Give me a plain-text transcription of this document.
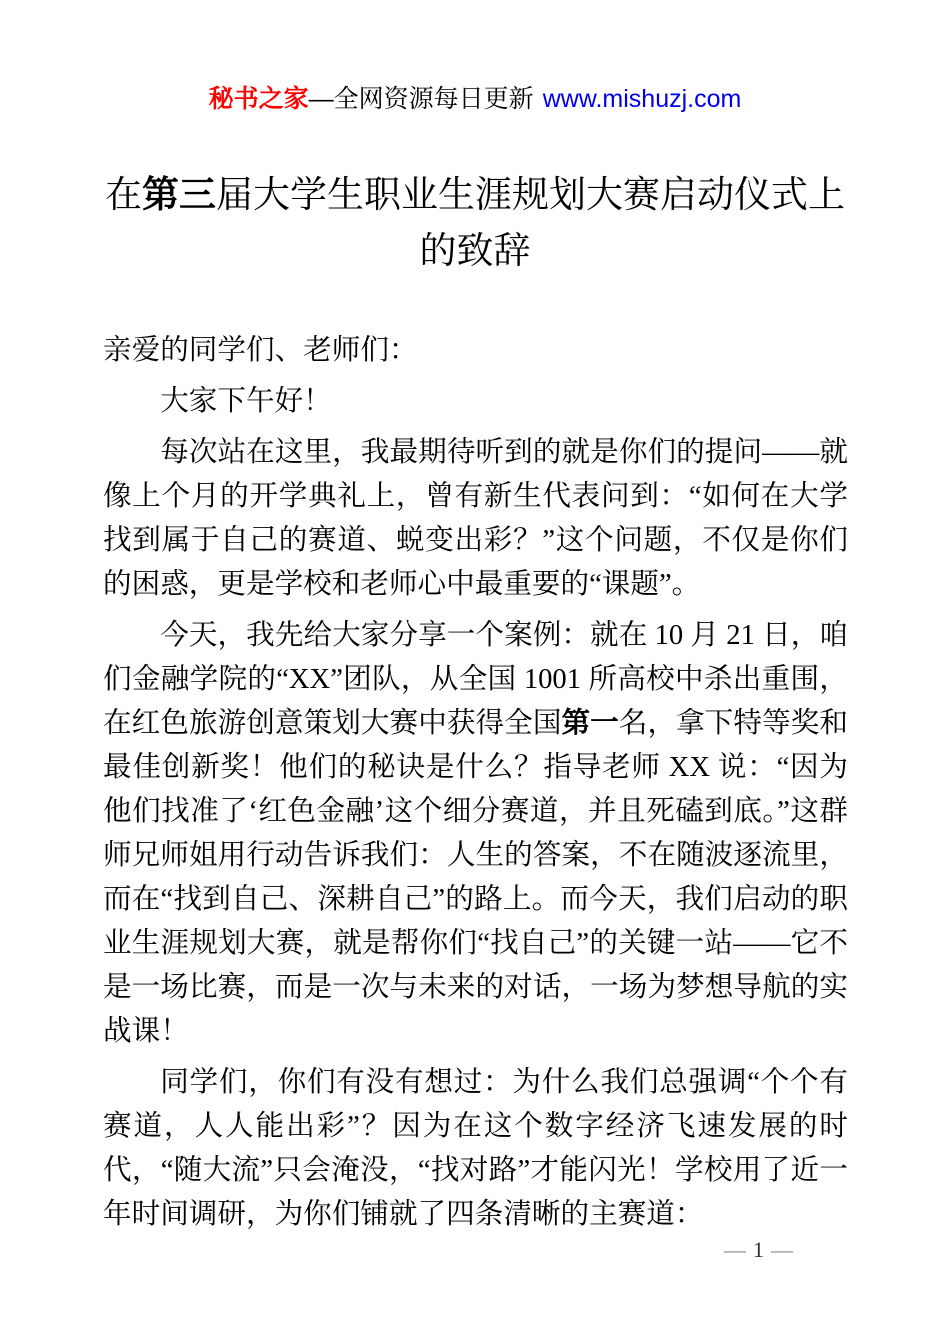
秘书之家—全网资源每日更新 www.mishuzj.com
在第三届大学生职业生涯规划大赛启动仪式上的致辞

亲爱的同学们、老师们：

大家下午好！

每次站在这里，我最期待听到的就是你们的提问——就像上个月的开学典礼上，曾有新生代表问到：“如何在大学找到属于自己的赛道、蜕变出彩？”这个问题，不仅是你们的困惑，更是学校和老师心中最重要的“课题”。

今天，我先给大家分享一个案例：就在 10 月 21 日，咱们金融学院的“XX”团队，从全国 1001 所高校中杀出重围，在红色旅游创意策划大赛中获得全国第一名，拿下特等奖和最佳创新奖！他们的秘诀是什么？指导老师 XX 说：“因为他们找准了‘红色金融’这个细分赛道，并且死磕到底。”这群师兄师姐用行动告诉我们：人生的答案，不在随波逐流里，而在“找到自己、深耕自己”的路上。而今天，我们启动的职业生涯规划大赛，就是帮你们“找自己”的关键一站——它不是一场比赛，而是一次与未来的对话，一场为梦想导航的实战课！

同学们，你们有没有想过：为什么我们总强调“个个有赛道，人人能出彩”？因为在这个数字经济飞速发展的时代，“随大流”只会淹没，“找对路”才能闪光！学校用了近一年时间调研，为你们铺就了四条清晰的主赛道：

— 1 —
